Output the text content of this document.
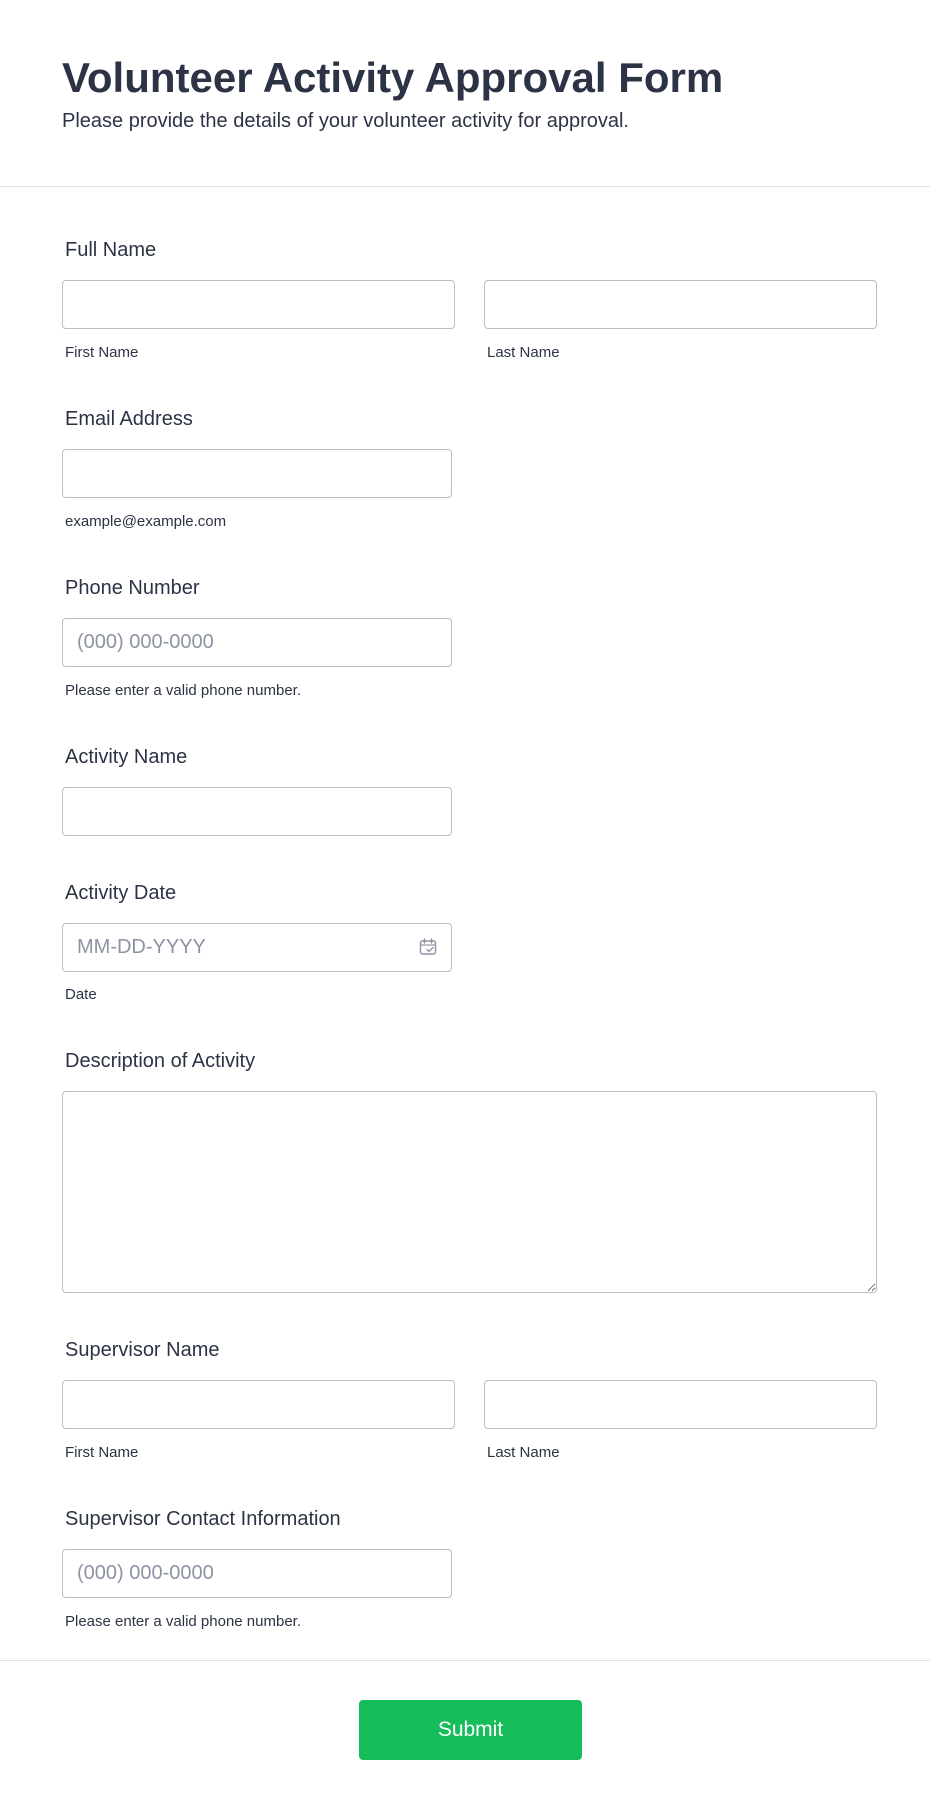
Volunteer Activity Approval Form

Please provide the details of your volunteer activity for approval.

Full Name
First Name	Last Name
Email Address
example@example.com
Phone Number
(000) 000-0000
Please enter a valid phone number.
Activity Name
Activity Date
MM-DD-YYYY
Date
Description of Activity
Supervisor Name
First Name	Last Name
Supervisor Contact Information
(000) 000-0000
Please enter a valid phone number.
Submit
